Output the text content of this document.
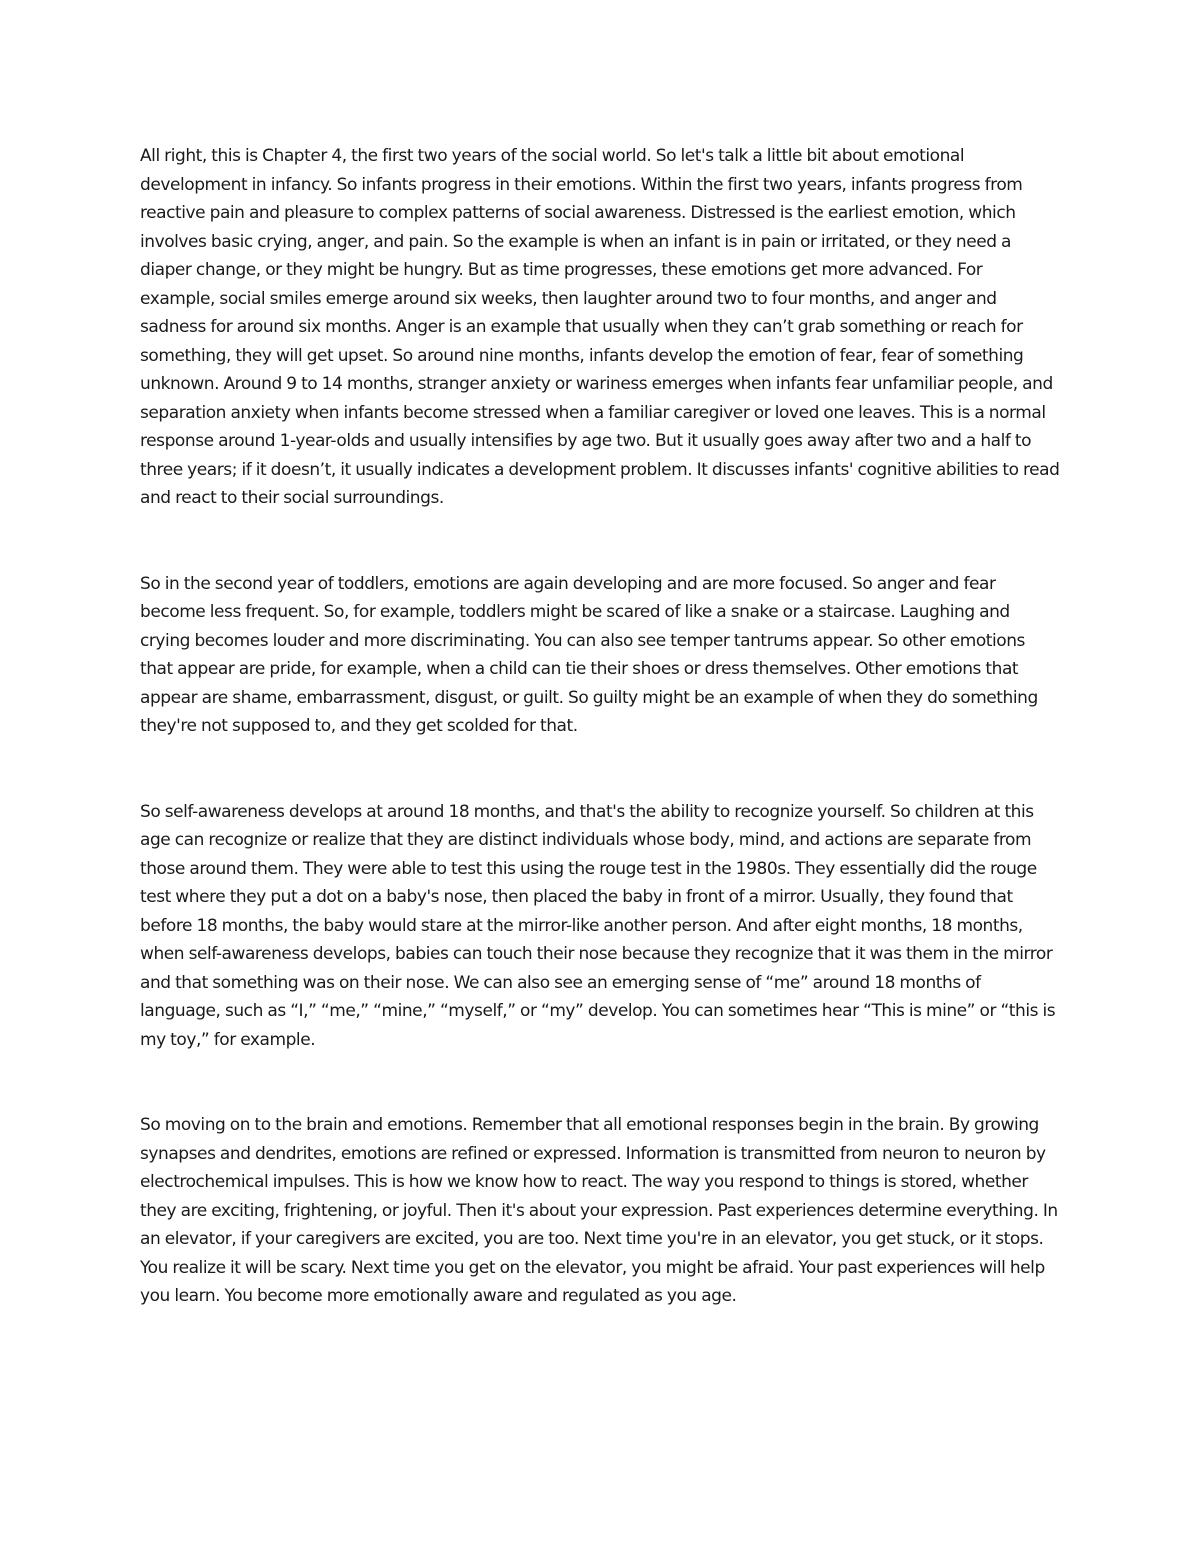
All right, this is Chapter 4, the first two years of the social world. So let's talk a little bit about emotional development in infancy. So infants progress in their emotions. Within the first two years, infants progress from reactive pain and pleasure to complex patterns of social awareness. Distressed is the earliest emotion, which involves basic crying, anger, and pain. So the example is when an infant is in pain or irritated, or they need a diaper change, or they might be hungry. But as time progresses, these emotions get more advanced. For example, social smiles emerge around six weeks, then laughter around two to four months, and anger and sadness for around six months. Anger is an example that usually when they can’t grab something or reach for something, they will get upset. So around nine months, infants develop the emotion of fear, fear of something unknown. Around 9 to 14 months, stranger anxiety or wariness emerges when infants fear unfamiliar people, and separation anxiety when infants become stressed when a familiar caregiver or loved one leaves. This is a normal response around 1-year-olds and usually intensifies by age two. But it usually goes away after two and a half to three years; if it doesn’t, it usually indicates a development problem. It discusses infants' cognitive abilities to read and react to their social surroundings.

So in the second year of toddlers, emotions are again developing and are more focused. So anger and fear become less frequent. So, for example, toddlers might be scared of like a snake or a staircase. Laughing and crying becomes louder and more discriminating. You can also see temper tantrums appear. So other emotions that appear are pride, for example, when a child can tie their shoes or dress themselves. Other emotions that appear are shame, embarrassment, disgust, or guilt. So guilty might be an example of when they do something they're not supposed to, and they get scolded for that.

So self-awareness develops at around 18 months, and that's the ability to recognize yourself. So children at this age can recognize or realize that they are distinct individuals whose body, mind, and actions are separate from those around them. They were able to test this using the rouge test in the 1980s. They essentially did the rouge test where they put a dot on a baby's nose, then placed the baby in front of a mirror. Usually, they found that before 18 months, the baby would stare at the mirror-like another person. And after eight months, 18 months, when self-awareness develops, babies can touch their nose because they recognize that it was them in the mirror and that something was on their nose. We can also see an emerging sense of “me” around 18 months of language, such as “I,” “me,” “mine,” “myself,” or “my” develop. You can sometimes hear “This is mine” or “this is my toy,” for example.

So moving on to the brain and emotions. Remember that all emotional responses begin in the brain. By growing synapses and dendrites, emotions are refined or expressed. Information is transmitted from neuron to neuron by electrochemical impulses. This is how we know how to react. The way you respond to things is stored, whether they are exciting, frightening, or joyful. Then it's about your expression. Past experiences determine everything. In an elevator, if your caregivers are excited, you are too. Next time you're in an elevator, you get stuck, or it stops. You realize it will be scary. Next time you get on the elevator, you might be afraid. Your past experiences will help you learn. You become more emotionally aware and regulated as you age.
